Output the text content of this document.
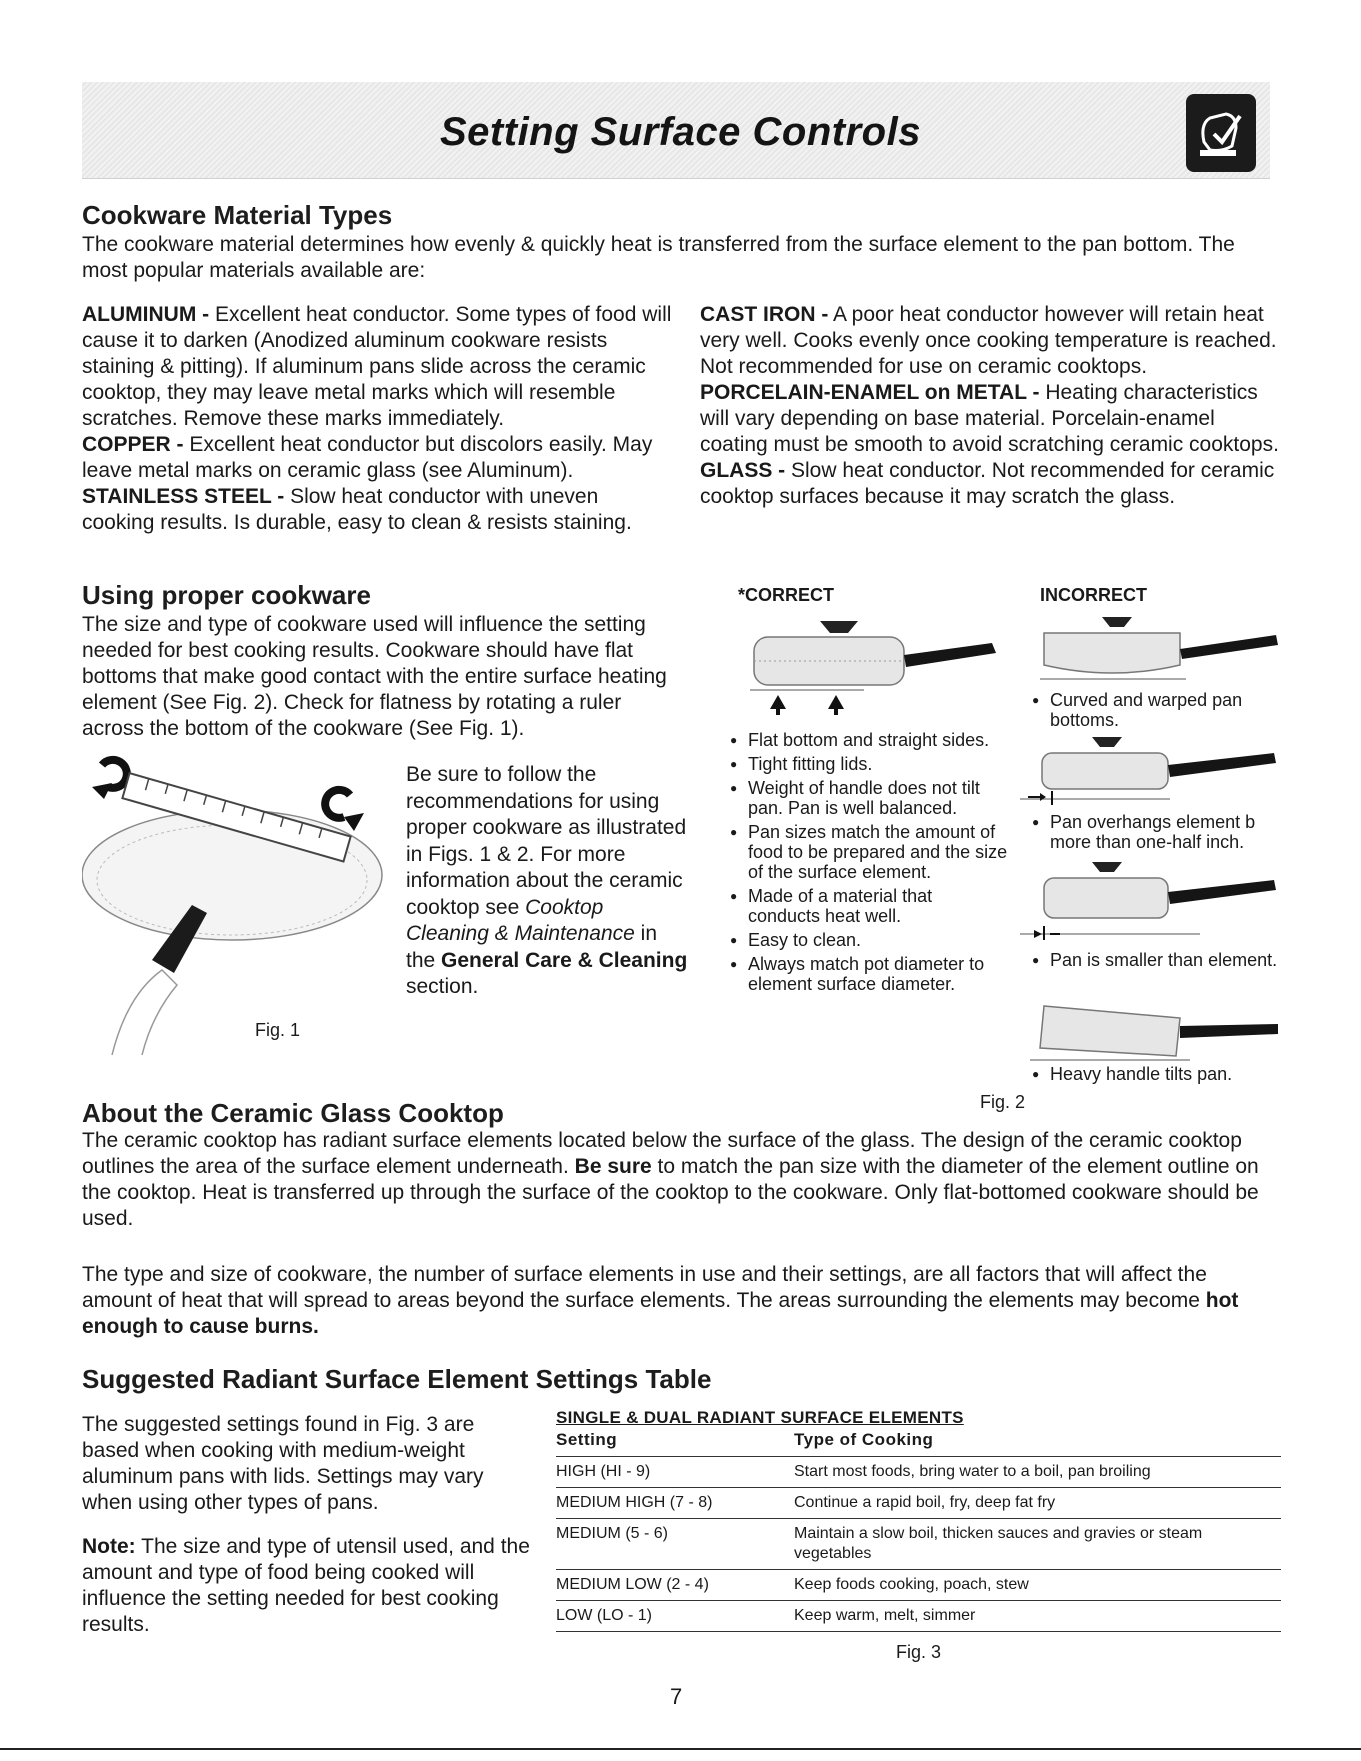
Setting Surface Controls
Cookware Material Types
The cookware material determines how evenly & quickly heat is transferred from the surface element to the pan bottom. The most popular materials available are:
ALUMINUM - Excellent heat conductor. Some types of food will cause it to darken (Anodized aluminum cookware resists staining & pitting). If aluminum pans slide across the ceramic cooktop, they may leave metal marks which will resemble scratches. Remove these marks immediately.
COPPER - Excellent heat conductor but discolors easily. May leave metal marks on ceramic glass (see Aluminum).
STAINLESS STEEL - Slow heat conductor with uneven cooking results. Is durable, easy to clean & resists staining.
CAST IRON - A poor heat conductor however will retain heat very well. Cooks evenly once cooking temperature is reached. Not recommended for use on ceramic cooktops.
PORCELAIN-ENAMEL on METAL - Heating characteristics will vary depending on base material. Porcelain-enamel coating must be smooth to avoid scratching ceramic cooktops.
GLASS - Slow heat conductor. Not recommended for ceramic cooktop surfaces because it may scratch the glass.
Using proper cookware
The size and type of cookware used will influence the setting needed for best cooking results. Cookware should have flat bottoms that make good contact with the entire surface heating element (See Fig. 2). Check for flatness by rotating a ruler across the bottom of the cookware (See Fig. 1).
Fig. 1
Be sure to follow the recommendations for using proper cookware as illustrated in Figs. 1 & 2. For more information about the ceramic cooktop see Cooktop Cleaning & Maintenance in the General Care & Cleaning section.
*CORRECT	INCORRECT
● Flat bottom and straight sides.
● Tight fitting lids.
● Weight of handle does not tilt pan. Pan is well balanced.
● Pan sizes match the amount of food to be prepared and the size of the surface element.
● Made of a material that conducts heat well.
● Easy to clean.
● Always match pot diameter to element surface diameter.
● Curved and warped pan bottoms.
● Pan overhangs element b more than one-half inch.
● Pan is smaller than element.
● Heavy handle tilts pan.
Fig. 2
About the Ceramic Glass Cooktop
The ceramic cooktop has radiant surface elements located below the surface of the glass. The design of the ceramic cooktop outlines the area of the surface element underneath. Be sure to match the pan size with the diameter of the element outline on the cooktop. Heat is transferred up through the surface of the cooktop to the cookware. Only flat-bottomed cookware should be used.
The type and size of cookware, the number of surface elements in use and their settings, are all factors that will affect the amount of heat that will spread to areas beyond the surface elements. The areas surrounding the elements may become hot enough to cause burns.
Suggested Radiant Surface Element Settings Table
The suggested settings found in Fig. 3 are based when cooking with medium-weight aluminum pans with lids. Settings may vary when using other types of pans.
Note: The size and type of utensil used, and the amount and type of food being cooked will influence the setting needed for best cooking results.
SINGLE & DUAL RADIANT SURFACE ELEMENTS
Setting	Type of Cooking
HIGH (HI - 9)	Start most foods, bring water to a boil, pan broiling
MEDIUM HIGH (7 - 8)	Continue a rapid boil, fry, deep fat fry
MEDIUM (5 - 6)	Maintain a slow boil, thicken sauces and gravies or steam vegetables
MEDIUM LOW (2 - 4)	Keep foods cooking, poach, stew
LOW (LO - 1)	Keep warm, melt, simmer
Fig. 3
7
